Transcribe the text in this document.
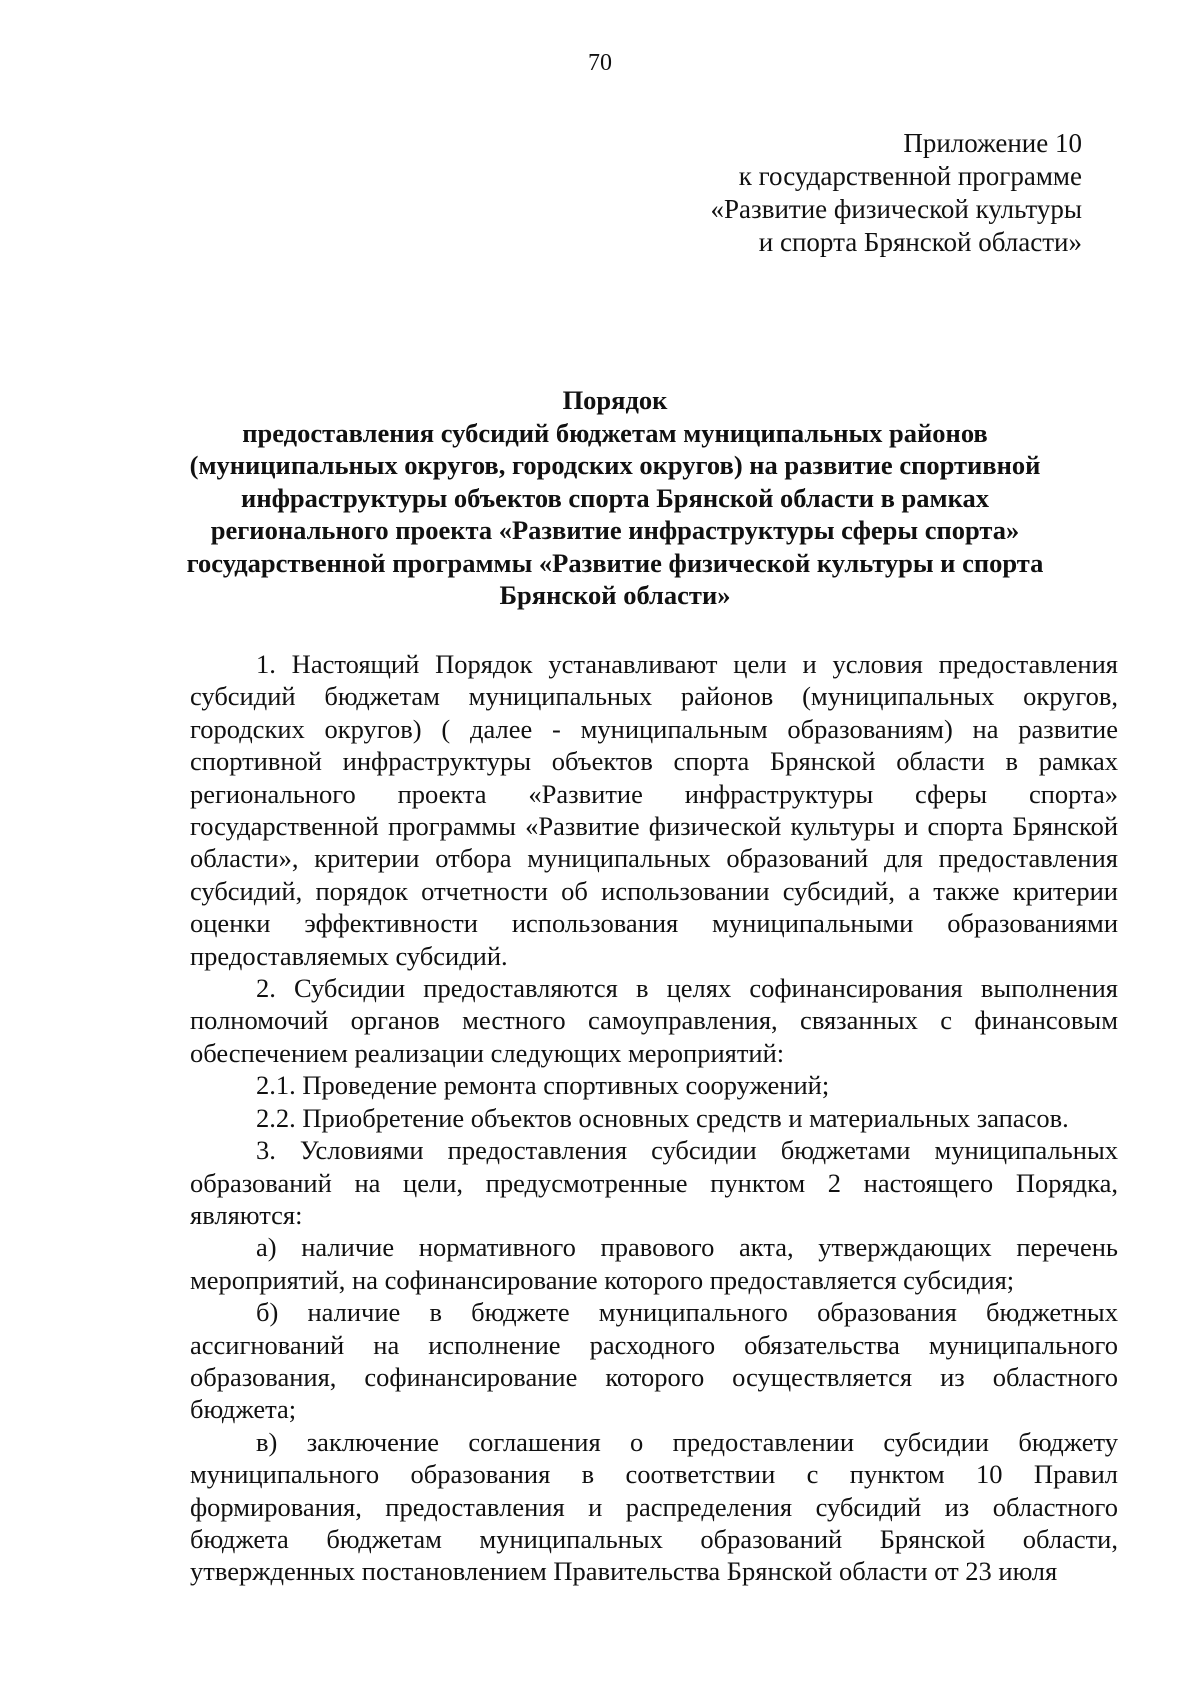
70
Приложение 10
к государственной программе
«Развитие физической культуры
и спорта Брянской области»
Порядок
предоставления субсидий бюджетам муниципальных районов
(муниципальных округов, городских округов) на развитие спортивной
инфраструктуры объектов спорта Брянской области в рамках
регионального проекта «Развитие инфраструктуры сферы спорта»
государственной программы «Развитие физической культуры и спорта
Брянской области»

1. Настоящий Порядок устанавливают цели и условия предоставления субсидий бюджетам муниципальных районов (муниципальных округов, городских округов) ( далее - муниципальным образованиям) на развитие спортивной инфраструктуры объектов спорта Брянской области в рамках регионального проекта «Развитие инфраструктуры сферы спорта» государственной программы «Развитие физической культуры и спорта Брянской области», критерии отбора муниципальных образований для предоставления субсидий, порядок отчетности об использовании субсидий, а также критерии оценки эффективности использования муниципальными образованиями предоставляемых субсидий.

2. Субсидии предоставляются в целях софинансирования выполнения полномочий органов местного самоуправления, связанных с финансовым обеспечением реализации следующих мероприятий:

2.1. Проведение ремонта спортивных сооружений;

2.2. Приобретение объектов основных средств и материальных запасов.

3. Условиями предоставления субсидии бюджетами муниципальных образований на цели, предусмотренные пунктом 2 настоящего Порядка, являются:

а) наличие нормативного правового акта, утверждающих перечень мероприятий, на софинансирование которого предоставляется субсидия;

б) наличие в бюджете муниципального образования бюджетных ассигнований на исполнение расходного обязательства муниципального образования, софинансирование которого осуществляется из областного бюджета;

в) заключение соглашения о предоставлении субсидии бюджету муниципального образования в соответствии с пунктом 10 Правил формирования, предоставления и распределения субсидий из областного бюджета бюджетам муниципальных образований Брянской области, утвержденных постановлением Правительства Брянской области от 23 июля
